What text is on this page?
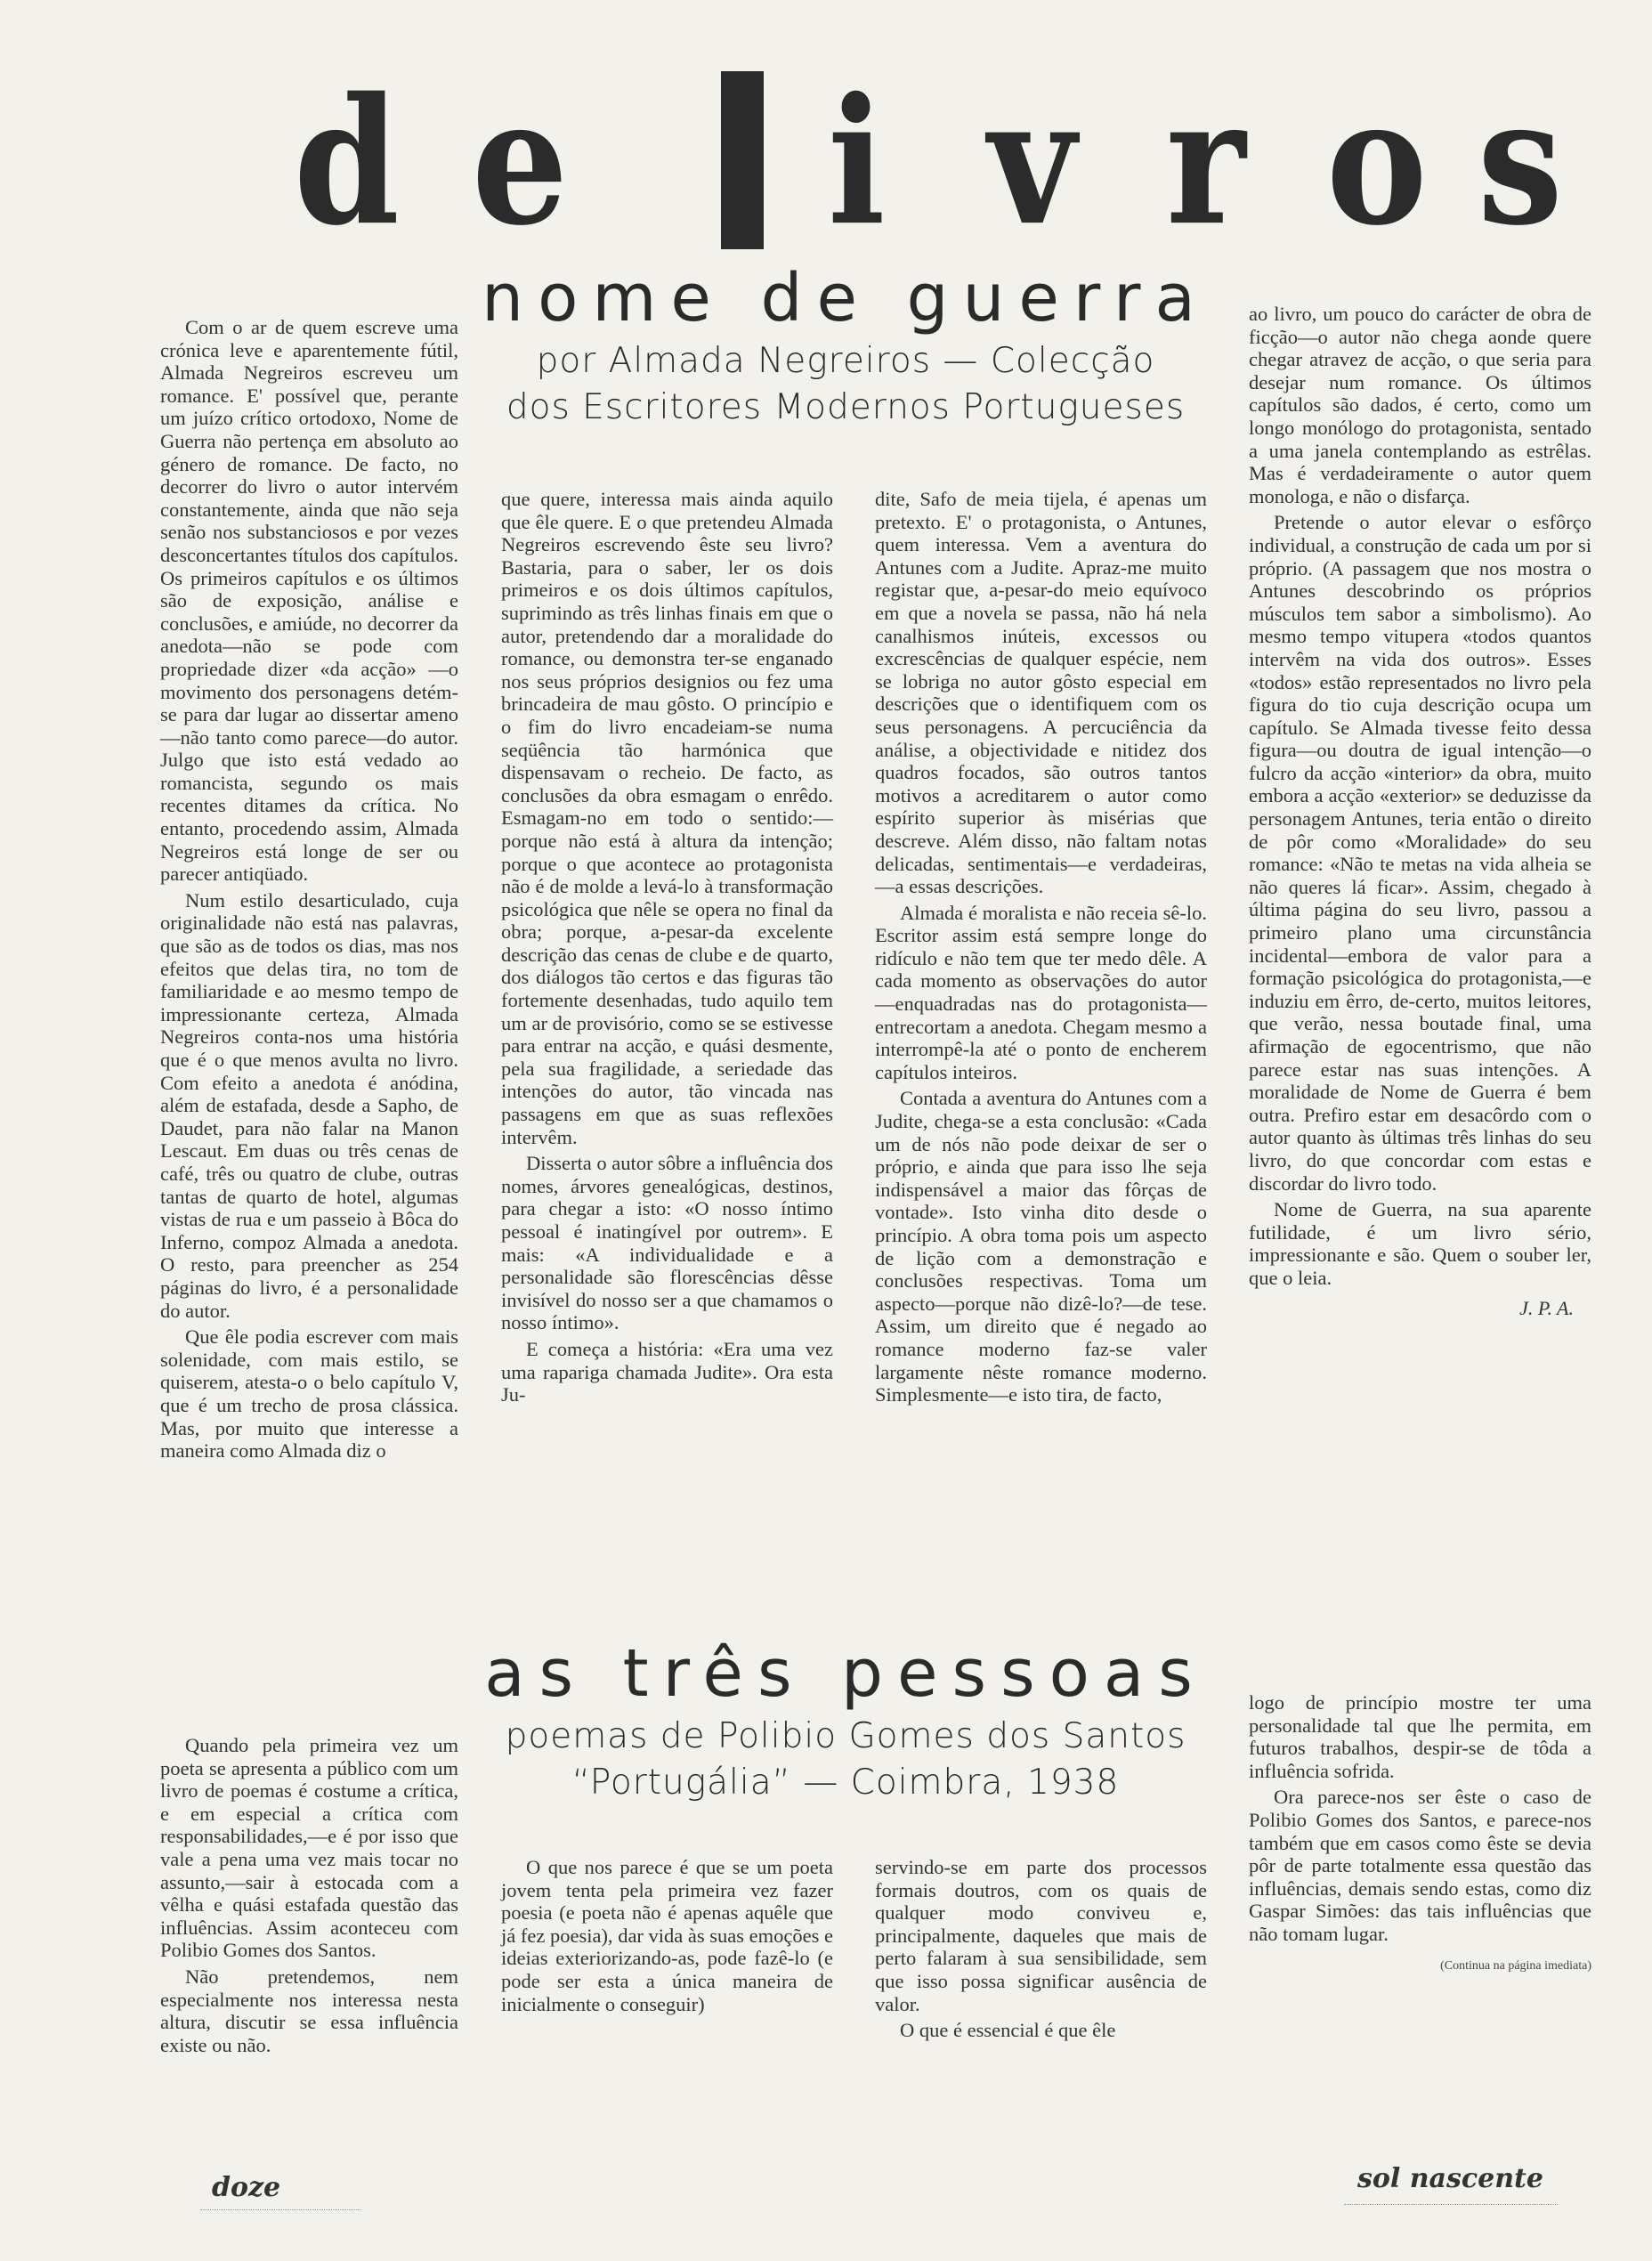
d e i v r o s
nome de guerra
por Almada Negreiros — Colecção
dos Escritores Modernos Portugueses

Com o ar de quem escreve uma crónica leve e aparentemente fútil, Almada Negreiros escreveu um romance. E' possível que, perante um juízo crítico ortodoxo, Nome de Guerra não pertença em absoluto ao género de romance. De facto, no decorrer do livro o autor intervém constantemente, ainda que não seja senão nos substanciosos e por vezes desconcertantes títulos dos capítulos. Os primeiros capítulos e os últimos são de exposição, análise e conclusões, e amiúde, no decorrer da anedota—não se pode com propriedade dizer «da acção» —o movimento dos personagens detém-se para dar lugar ao dissertar ameno—não tanto como parece—do autor. Julgo que isto está vedado ao romancista, segundo os mais recentes ditames da crítica. No entanto, procedendo assim, Almada Negreiros está longe de ser ou parecer antiqüado.

Num estilo desarticulado, cuja originalidade não está nas palavras, que são as de todos os dias, mas nos efeitos que delas tira, no tom de familiaridade e ao mesmo tempo de impressionante certeza, Almada Negreiros conta-nos uma história que é o que menos avulta no livro. Com efeito a anedota é anódina, além de estafada, desde a Sapho, de Daudet, para não falar na Manon Lescaut. Em duas ou três cenas de café, três ou quatro de clube, outras tantas de quarto de hotel, algumas vistas de rua e um passeio à Bôca do Inferno, compoz Almada a anedota. O resto, para preencher as 254 páginas do livro, é a personalidade do autor.

Que êle podia escrever com mais solenidade, com mais estilo, se quiserem, atesta-o o belo capítulo V, que é um trecho de prosa clássica. Mas, por muito que interesse a maneira como Almada diz o

que quere, interessa mais ainda aquilo que êle quere. E o que pretendeu Almada Negreiros escrevendo êste seu livro? Bastaria, para o saber, ler os dois primeiros e os dois últimos capítulos, suprimindo as três linhas finais em que o autor, pretendendo dar a moralidade do romance, ou demonstra ter-se enganado nos seus próprios designios ou fez uma brincadeira de mau gôsto. O princípio e o fim do livro encadeiam-se numa seqüência tão harmónica que dispensavam o recheio. De facto, as conclusões da obra esmagam o enrêdo. Esmagam-no em todo o sentido:—porque não está à altura da intenção; porque o que acontece ao protagonista não é de molde a levá-lo à transformação psicológica que nêle se opera no final da obra; porque, a-pesar-da excelente descrição das cenas de clube e de quarto, dos diálogos tão certos e das figuras tão fortemente desenhadas, tudo aquilo tem um ar de provisório, como se se estivesse para entrar na acção, e quási desmente, pela sua fragilidade, a seriedade das intenções do autor, tão vincada nas passagens em que as suas reflexões intervêm.

Disserta o autor sôbre a influência dos nomes, árvores genealógicas, destinos, para chegar a isto: «O nosso íntimo pessoal é inatingível por outrem». E mais: «A individualidade e a personalidade são florescências dêsse invisível do nosso ser a que chamamos o nosso íntimo».

E começa a história: «Era uma vez uma rapariga chamada Judite». Ora esta Ju-

dite, Safo de meia tijela, é apenas um pretexto. E' o protagonista, o Antunes, quem interessa. Vem a aventura do Antunes com a Judite. Apraz-me muito registar que, a-pesar-do meio equívoco em que a novela se passa, não há nela canalhismos inúteis, excessos ou excrescências de qualquer espécie, nem se lobriga no autor gôsto especial em descrições que o identifiquem com os seus personagens. A percuciência da análise, a objectividade e nitidez dos quadros focados, são outros tantos motivos a acreditarem o autor como espírito superior às misérias que descreve. Além disso, não faltam notas delicadas, sentimentais—e verdadeiras,—a essas descrições.

Almada é moralista e não receia sê-lo. Escritor assim está sempre longe do ridículo e não tem que ter medo dêle. A cada momento as observações do autor—enquadradas nas do protagonista—entrecortam a anedota. Chegam mesmo a interrompê-la até o ponto de encherem capítulos inteiros.

Contada a aventura do Antunes com a Judite, chega-se a esta conclusão: «Cada um de nós não pode deixar de ser o próprio, e ainda que para isso lhe seja indispensável a maior das fôrças de vontade». Isto vinha dito desde o princípio. A obra toma pois um aspecto de lição com a demonstração e conclusões respectivas. Toma um aspecto—porque não dizê-lo?—de tese. Assim, um direito que é negado ao romance moderno faz-se valer largamente nêste romance moderno. Simplesmente—e isto tira, de facto,

ao livro, um pouco do carácter de obra de ficção—o autor não chega aonde quere chegar atravez de acção, o que seria para desejar num romance. Os últimos capítulos são dados, é certo, como um longo monólogo do protagonista, sentado a uma janela contemplando as estrêlas. Mas é verdadeiramente o autor quem monologa, e não o disfarça.

Pretende o autor elevar o esfôrço individual, a construção de cada um por si próprio. (A passagem que nos mostra o Antunes descobrindo os próprios músculos tem sabor a simbolismo). Ao mesmo tempo vitupera «todos quantos intervêm na vida dos outros». Esses «todos» estão representados no livro pela figura do tio cuja descrição ocupa um capítulo. Se Almada tivesse feito dessa figura—ou doutra de igual intenção—o fulcro da acção «interior» da obra, muito embora a acção «exterior» se deduzisse da personagem Antunes, teria então o direito de pôr como «Moralidade» do seu romance: «Não te metas na vida alheia se não queres lá ficar». Assim, chegado à última página do seu livro, passou a primeiro plano uma circunstância incidental—embora de valor para a formação psicológica do protagonista,—e induziu em êrro, de-certo, muitos leitores, que verão, nessa boutade final, uma afirmação de egocentrismo, que não parece estar nas suas intenções. A moralidade de Nome de Guerra é bem outra. Prefiro estar em desacôrdo com o autor quanto às últimas três linhas do seu livro, do que concordar com estas e discordar do livro todo.

Nome de Guerra, na sua aparente futilidade, é um livro sério, impressionante e são. Quem o souber ler, que o leia.

J. P. A.
as três pessoas
poemas de Polibio Gomes dos Santos
“Portugália” — Coimbra, 1938

Quando pela primeira vez um poeta se apresenta a público com um livro de poemas é costume a crítica, e em especial a crítica com responsabilidades,—e é por isso que vale a pena uma vez mais tocar no assunto,—sair à estocada com a vêlha e quási estafada questão das influências. Assim aconteceu com Polibio Gomes dos Santos.

Não pretendemos, nem especialmente nos interessa nesta altura, discutir se essa influência existe ou não.

O que nos parece é que se um poeta jovem tenta pela primeira vez fazer poesia (e poeta não é apenas aquêle que já fez poesia), dar vida às suas emoções e ideias exteriorizando-as, pode fazê-lo (e pode ser esta a única maneira de inicialmente o conseguir)

servindo-se em parte dos processos formais doutros, com os quais de qualquer modo conviveu e, principalmente, daqueles que mais de perto falaram à sua sensibilidade, sem que isso possa significar ausência de valor.

O que é essencial é que êle

logo de princípio mostre ter uma personalidade tal que lhe permita, em futuros trabalhos, despir-se de tôda a influência sofrida.

Ora parece-nos ser êste o caso de Polibio Gomes dos Santos, e parece-nos também que em casos como êste se devia pôr de parte totalmente essa questão das influências, demais sendo estas, como diz Gaspar Simões: das tais influências que não tomam lugar.

(Continua na página imediata)
doze	sol nascente
